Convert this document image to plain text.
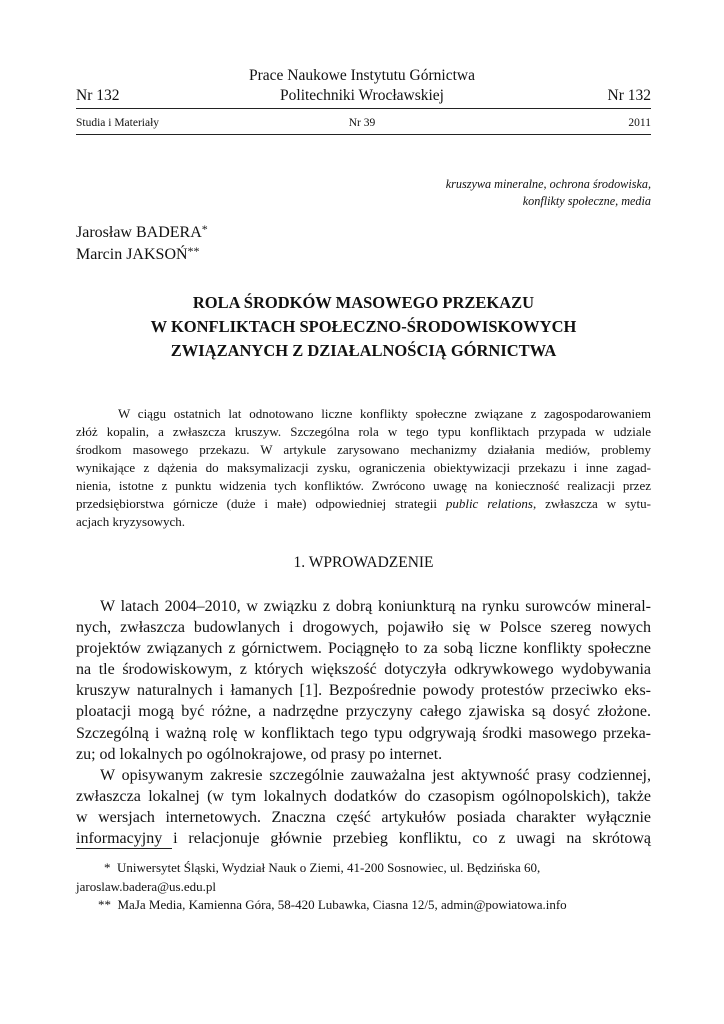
Prace Naukowe Instytutu Górnictwa
Politechniki Wrocławskiej
Nr 132	Nr 132
Studia i Materiały	Nr 39	2011
kruszywa mineralne, ochrona środowiska,
konflikty społeczne, media
Jarosław BADERA*
Marcin JAKSOŃ**
ROLA ŚRODKÓW MASOWEGO PRZEKAZU
W KONFLIKTACH SPOŁECZNO-ŚRODOWISKOWYCH
ZWIĄZANYCH Z DZIAŁALNOŚCIĄ GÓRNICTWA
W ciągu ostatnich lat odnotowano liczne konflikty społeczne związane z zagospodarowaniem
złóż kopalin, a zwłaszcza kruszyw. Szczególna rola w tego typu konfliktach przypada w udziale
środkom masowego przekazu. W artykule zarysowano mechanizmy działania mediów, problemy
wynikające z dążenia do maksymalizacji zysku, ograniczenia obiektywizacji przekazu i inne zagad-
nienia, istotne z punktu widzenia tych konfliktów. Zwrócono uwagę na konieczność realizacji przez
przedsiębiorstwa górnicze (duże i małe) odpowiedniej strategii public relations, zwłaszcza w sytu-
acjach kryzysowych.
1. WPROWADZENIE
W latach 2004–2010, w związku z dobrą koniunkturą na rynku surowców mineral-
nych, zwłaszcza budowlanych i drogowych, pojawiło się w Polsce szereg nowych
projektów związanych z górnictwem. Pociągnęło to za sobą liczne konflikty społeczne
na tle środowiskowym, z których większość dotyczyła odkrywkowego wydobywania
kruszyw naturalnych i łamanych [1]. Bezpośrednie powody protestów przeciwko eks-
ploatacji mogą być różne, a nadrzędne przyczyny całego zjawiska są dosyć złożone.
Szczególną i ważną rolę w konfliktach tego typu odgrywają środki masowego przeka-
zu; od lokalnych po ogólnokrajowe, od prasy po internet.
W opisywanym zakresie szczególnie zauważalna jest aktywność prasy codziennej,
zwłaszcza lokalnej (w tym lokalnych dodatków do czasopism ogólnopolskich), także
w wersjach internetowych. Znaczna część artykułów posiada charakter wyłącznie
informacyjny i relacjonuje głównie przebieg konfliktu, co z uwagi na skrótową
* Uniwersytet Śląski, Wydział Nauk o Ziemi, 41-200 Sosnowiec, ul. Będzińska 60,
jaroslaw.badera@us.edu.pl
** MaJa Media, Kamienna Góra, 58-420 Lubawka, Ciasna 12/5, admin@powiatowa.info
